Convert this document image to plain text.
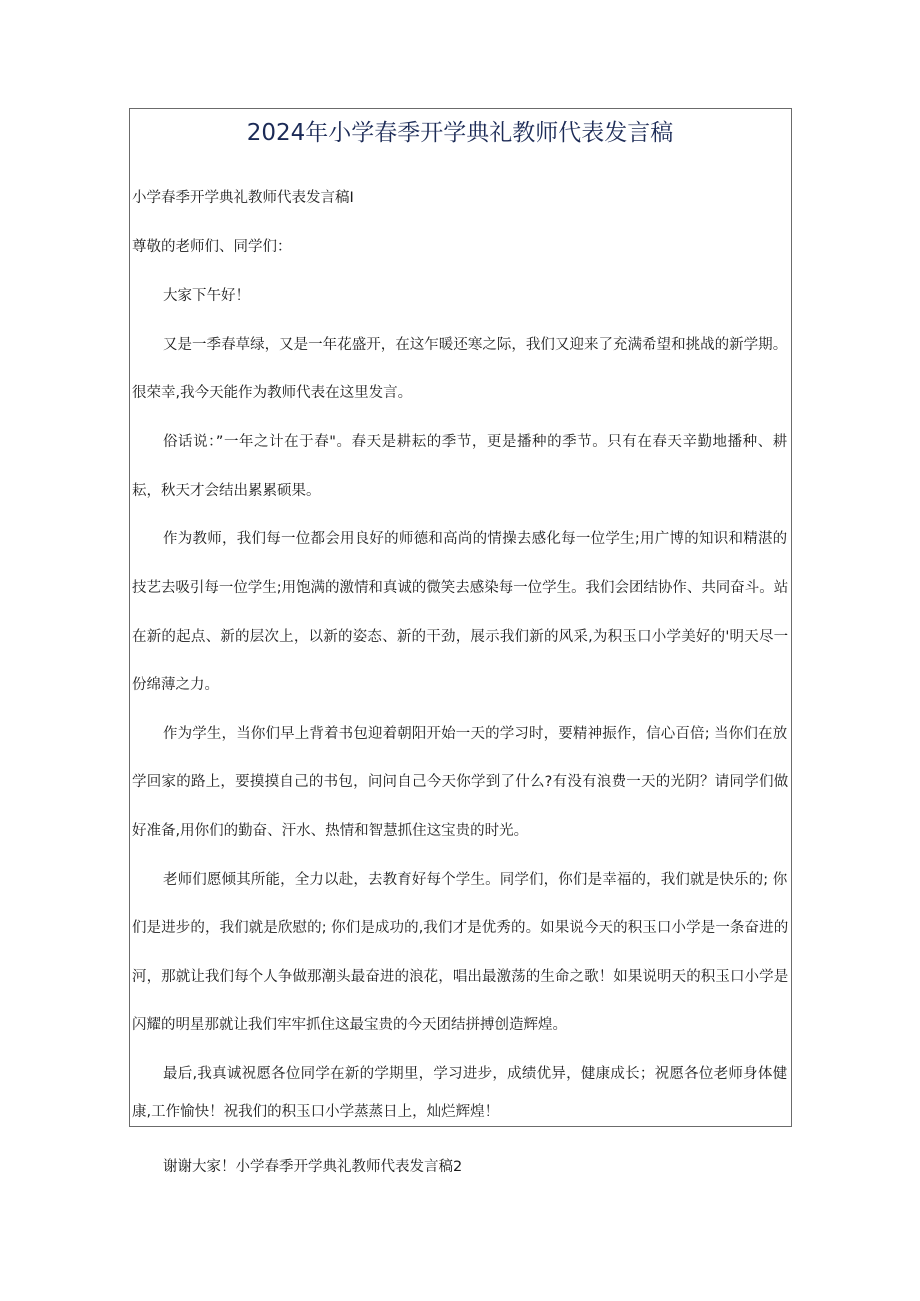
2024年小学春季开学典礼教师代表发言稿
小学春季开学典礼教师代表发言稿I
尊敬的老师们、同学们：
大家下午好！
又是一季春草绿，又是一年花盛开，在这乍暖还寒之际，我们又迎来了充满希望和挑战的新学期。
很荣幸,我今天能作为教师代表在这里发言。
俗话说：”一年之计在于春"。春天是耕耘的季节，更是播种的季节。只有在春天辛勤地播种、耕
耘，秋天才会结出累累硕果。
作为教师，我们每一位都会用良好的师德和高尚的情操去感化每一位学生;用广博的知识和精湛的
技艺去吸引每一位学生;用饱满的激情和真诚的微笑去感染每一位学生。我们会团结协作、共同奋斗。站
在新的起点、新的层次上，以新的姿态、新的干劲，展示我们新的风采,为积玉口小学美好的'明天尽一
份绵薄之力。
作为学生，当你们早上背着书包迎着朝阳开始一天的学习时，要精神振作，信心百倍; 当你们在放
学回家的路上，要摸摸自己的书包，问问自己今天你学到了什么?有没有浪费一天的光阴？请同学们做
好准备,用你们的勤奋、汗水、热情和智慧抓住这宝贵的时光。
老师们愿倾其所能，全力以赴，去教育好每个学生。同学们，你们是幸福的，我们就是快乐的; 你
们是进步的，我们就是欣慰的; 你们是成功的,我们才是优秀的。如果说今天的积玉口小学是一条奋进的
河，那就让我们每个人争做那潮头最奋进的浪花，唱出最激荡的生命之歌！如果说明天的积玉口小学是
闪耀的明星那就让我们牢牢抓住这最宝贵的今天团结拼搏创造辉煌。
最后,我真诚祝愿各位同学在新的学期里，学习进步，成绩优异，健康成长；祝愿各位老师身体健
康,工作愉快！祝我们的积玉口小学蒸蒸日上，灿烂辉煌！
谢谢大家！小学春季开学典礼教师代表发言稿2
